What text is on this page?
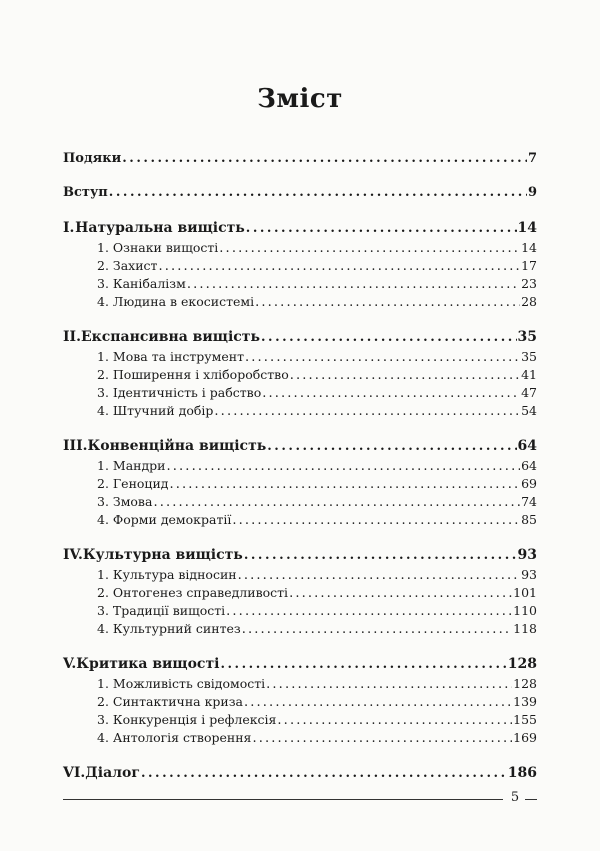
Зміст
Подяки . . .	7
Вступ . . .	9
I. Натуральна вищість . . .	14
1. Ознаки вищості . . .	14
2. Захист . . .	17
3. Канібалізм . . .	23
4. Людина в екосистемі . . .	28
II. Експансивна вищість . . .	35
1. Мова та інструмент . . .	35
2. Поширення і хліборобство . . .	41
3. Ідентичність і рабство . . .	47
4. Штучний добір . . .	54
III. Конвенційна вищість . . .	64
1. Мандри . . .	64
2. Геноцид . . .	69
3. Змова . . .	74
4. Форми демократії . . .	85
IV. Культурна вищість . . .	93
1. Культура відносин . . .	93
2. Онтогенез справедливості . . .	101
3. Традиції вищості . . .	110
4. Культурний синтез . . .	118
V. Критика вищості . . .	128
1. Можливість свідомості . . .	128
2. Синтактична криза . . .	139
3. Конкуренція і рефлексія . . .	155
4. Антологія створення . . .	169
VI. Діалог . . .	186
5
